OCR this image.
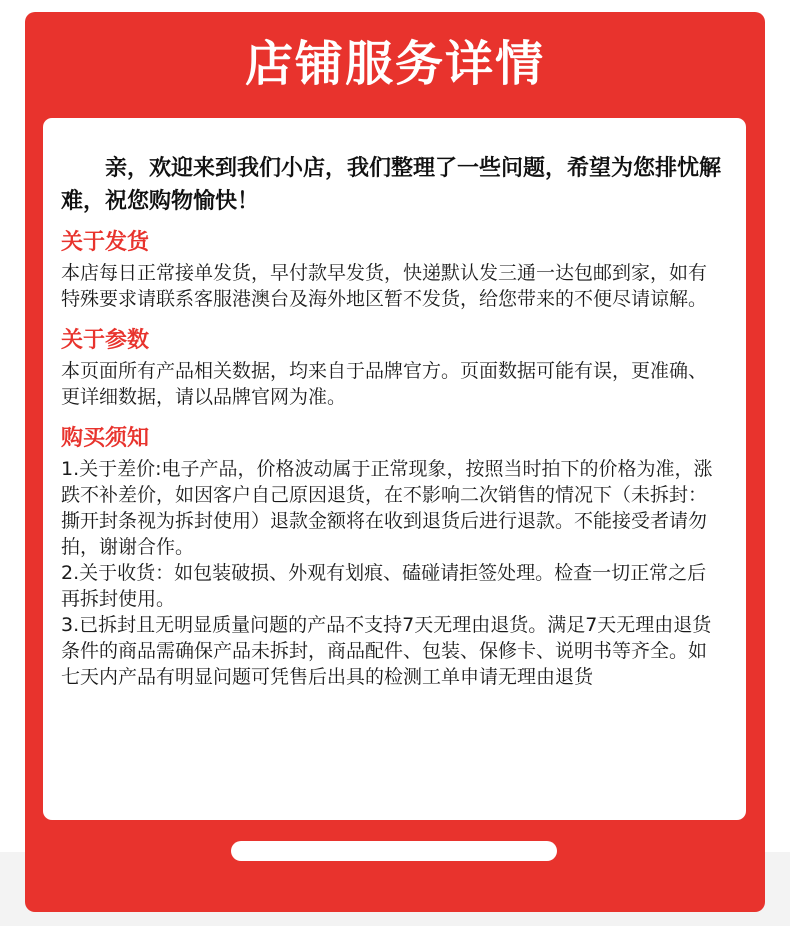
店铺服务详情

亲，欢迎来到我们小店，我们整理了一些问题，希望为您排忧解难，祝您购物愉快！

关于发货

本店每日正常接单发货，早付款早发货，快递默认发三通一达包邮到家，如有特殊要求请联系客服港澳台及海外地区暂不发货，给您带来的不便尽请谅解。

关于参数

本页面所有产品相关数据，均来自于品牌官方。页面数据可能有误，更准确、更详细数据，请以品牌官网为准。

购买须知

1.关于差价:电子产品，价格波动属于正常现象，按照当时拍下的价格为准，涨跌不补差价，如因客户自己原因退货，在不影响二次销售的情况下（未拆封：撕开封条视为拆封使用）退款金额将在收到退货后进行退款。不能接受者请勿拍，谢谢合作。

2.关于收货：如包装破损、外观有划痕、磕碰请拒签处理。检查一切正常之后再拆封使用。

3.已拆封且无明显质量问题的产品不支持7天无理由退货。满足7天无理由退货条件的商品需确保产品未拆封，商品配件、包装、保修卡、说明书等齐全。如七天内产品有明显问题可凭售后出具的检测工单申请无理由退货
